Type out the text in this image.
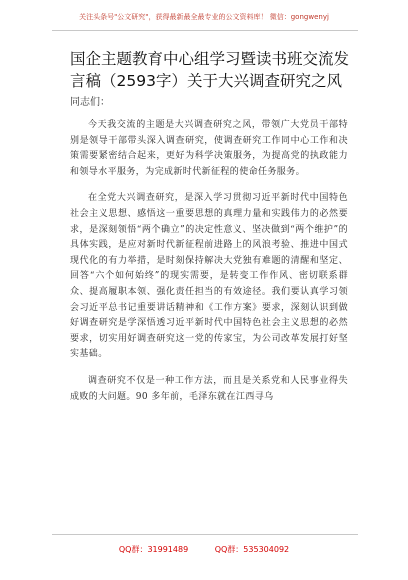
关注头条号"公文研究"，获得最新最全最专业的公文资料库！ 微信：gongwenyj
国企主题教育中心组学习暨读书班交流发言稿（2593字）关于大兴调查研究之风
同志们：

今天我交流的主题是大兴调查研究之风，带领广大党员干部特别是领导干部带头深入调查研究，使调查研究工作同中心工作和决策需要紧密结合起来，更好为科学决策服务，为提高党的执政能力和领导水平服务，为完成新时代新征程的使命任务服务。

在全党大兴调查研究，是深入学习贯彻习近平新时代中国特色社会主义思想、感悟这一重要思想的真理力量和实践伟力的必然要求，是深刻领悟“两个确立”的决定性意义、坚决做到“两个维护”的具体实践，是应对新时代新征程前进路上的风浪考验、推进中国式现代化的有力举措，是时刻保持解决大党独有难题的清醒和坚定、回答“六个如何始终”的现实需要，是转变工作作风、密切联系群众、提高履职本领、强化责任担当的有效途径。我们要认真学习领会习近平总书记重要讲话精神和《工作方案》要求，深刻认识到做好调查研究是学深悟透习近平新时代中国特色社会主义思想的必然要求，切实用好调查研究这一党的传家宝，为公司改革发展打好坚实基础。

调查研究不仅是一种工作方法，而且是关系党和人民事业得失成败的大问题。90 多年前，毛泽东就在江西寻乌

QQ群：31991489	QQ群：535304092
